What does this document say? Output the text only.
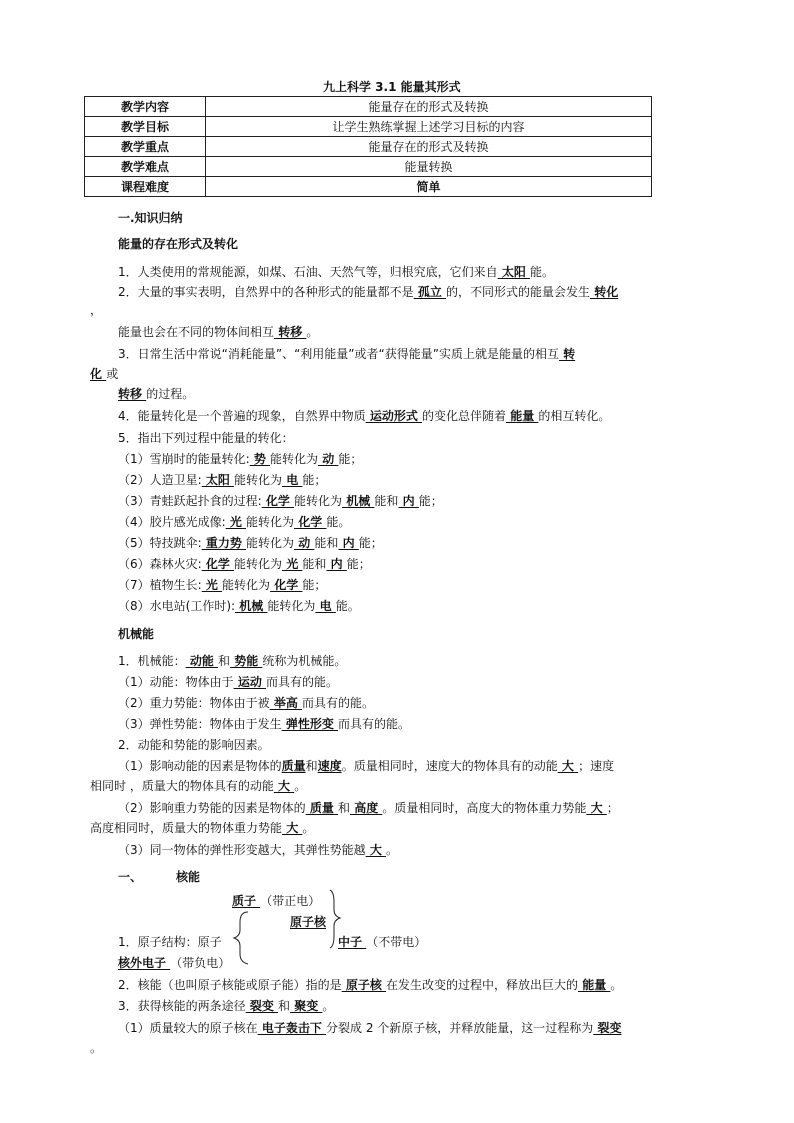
九上科学 3.1 能量其形式
教学内容	能量存在的形式及转换
教学目标	让学生熟练掌握上述学习目标的内容
教学重点	能量存在的形式及转换
教学难点	能量转换
课程难度	简单
一.知识归纳
能量的存在形式及转化
1．人类使用的常规能源，如煤、石油、天然气等，归根究底，它们来自 太阳 能。
2．大量的事实表明，自然界中的各种形式的能量都不是 孤立 的，不同形式的能量会发生 转化
，
能量也会在不同的物体间相互 转移 。
3．日常生活中常说“消耗能量”、“利用能量”或者“获得能量”实质上就是能量的相互 转
化 或
转移 的过程。
4．能量转化是一个普遍的现象，自然界中物质 运动形式 的变化总伴随着 能量 的相互转化。
5．指出下列过程中能量的转化：
（1）雪崩时的能量转化: 势 能转化为 动 能；
（2）人造卫星: 太阳 能转化为 电 能；
（3）青蛙跃起扑食的过程: 化学 能转化为 机械 能和 内 能；
（4）胶片感光成像: 光 能转化为 化学 能。
（5）特技跳伞: 重力势 能转化为 动 能和 内 能；
（6）森林火灾: 化学 能转化为 光 能和 内 能；
（7）植物生长: 光 能转化为 化学 能；
（8）水电站(工作时): 机械 能转化为 电 能。
机械能
1．机械能： 动能 和 势能 统称为机械能。
（1）动能：物体由于 运动 而具有的能。
（2）重力势能：物体由于被 举高 而具有的能。
（3）弹性势能：物体由于发生 弹性形变 而具有的能。
2．动能和势能的影响因素。
（1）影响动能的因素是物体的质量和速度。质量相同时，速度大的物体具有的动能 大 ；速度
相同时 ，质量大的物体具有的动能 大 。
（2）影响重力势能的因素是物体的 质量 和 高度 。质量相同时，高度大的物体重力势能 大 ；
高度相同时，质量大的物体重力势能 大 。
（3）同一物体的弹性形变越大，其弹性势能越 大 。
一、	核能
质子 （带正电）
原子核
中子 （不带电）
1．原子结构：原子
核外电子 （带负电）
2．核能（也叫原子核能或原子能）指的是 原子核 在发生改变的过程中，释放出巨大的 能量 。
3．获得核能的两条途径 裂变 和 聚变 。
（1）质量较大的原子核在 电子轰击下 分裂成 2 个新原子核，并释放能量，这一过程称为 裂变
。
